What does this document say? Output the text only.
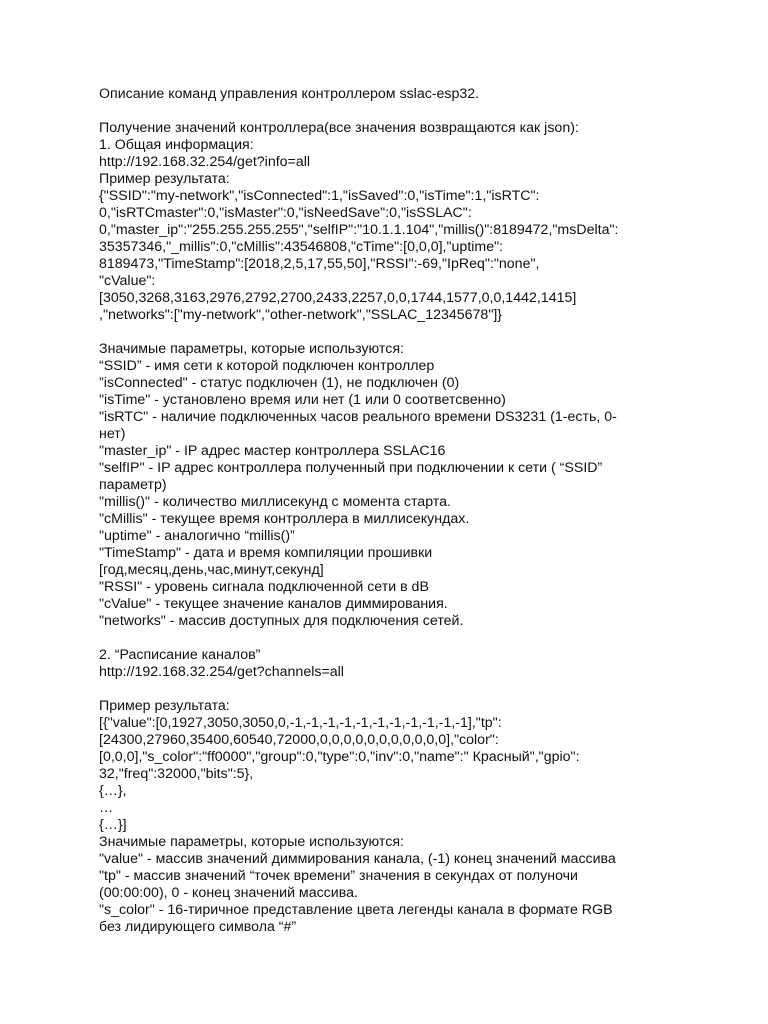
Описание команд управления контроллером sslac-esp32.
Получение значений контроллера(все значения возвращаются как json):
1. Общая информация:
http://192.168.32.254/get?info=all
Пример результата:
{"SSID":"my-network","isConnected":1,"isSaved":0,"isTime":1,"isRTC":
0,"isRTCmaster":0,"isMaster":0,"isNeedSave":0,"isSSLAC":
0,"master_ip":"255.255.255.255","selfIP":"10.1.1.104","millis()":8189472,"msDelta":
35357346,"_millis":0,"cMillis":43546808,"cTime":[0,0,0],"uptime":
8189473,"TimeStamp":[2018,2,5,17,55,50],"RSSI":-69,"IpReq":"none",
"cValue":
[3050,3268,3163,2976,2792,2700,2433,2257,0,0,1744,1577,0,0,1442,1415]
,"networks":["my-network","other-network","SSLAC_12345678"]}
Значимые параметры, которые используются:
“SSID” - имя сети к которой подключен контроллер
”isConnected" - статус подключен (1), не подключен (0)
"isTime" - установлено время или нет (1 или 0 соответсвенно)
"isRTC" - наличие подключенных часов реального времени DS3231 (1-есть, 0-
нет)
"master_ip" - IP адрес мастер контроллера SSLAC16
"selfIP" - IP адрес контроллера полученный при подключении к сети ( “SSID”
параметр)
"millis()" - количество миллисекунд с момента старта.
"cMillis" - текущее время контроллера в миллисекундах.
"uptime" - аналогично “millis()”
"TimeStamp" - дата и время компиляции прошивки
[год,месяц,день,час,минут,секунд]
"RSSI" - уровень сигнала подключенной сети в dB
"cValue" - текущее значение каналов диммирования.
"networks" - массив доступных для подключения сетей.
2. “Расписание каналов”
http://192.168.32.254/get?channels=all
Пример результата:
[{"value":[0,1927,3050,3050,0,-1,-1,-1,-1,-1,-1,-1,-1,-1,-1,-1],"tp":
[24300,27960,35400,60540,72000,0,0,0,0,0,0,0,0,0,0,0],"color":
[0,0,0],"s_color":"ff0000","group":0,"type":0,"inv":0,"name":" Красный","gpio":
32,"freq":32000,"bits":5},
{…},
…
{…}]
Значимые параметры, которые используются:
"value" - массив значений диммирования канала, (-1) конец значений массива
"tp" - массив значений “точек времени” значения в секундах от полуночи
(00:00:00), 0 - конец значений массива.
"s_color" - 16-тиричное представление цвета легенды канала в формате RGB
без лидирующего символа “#”
